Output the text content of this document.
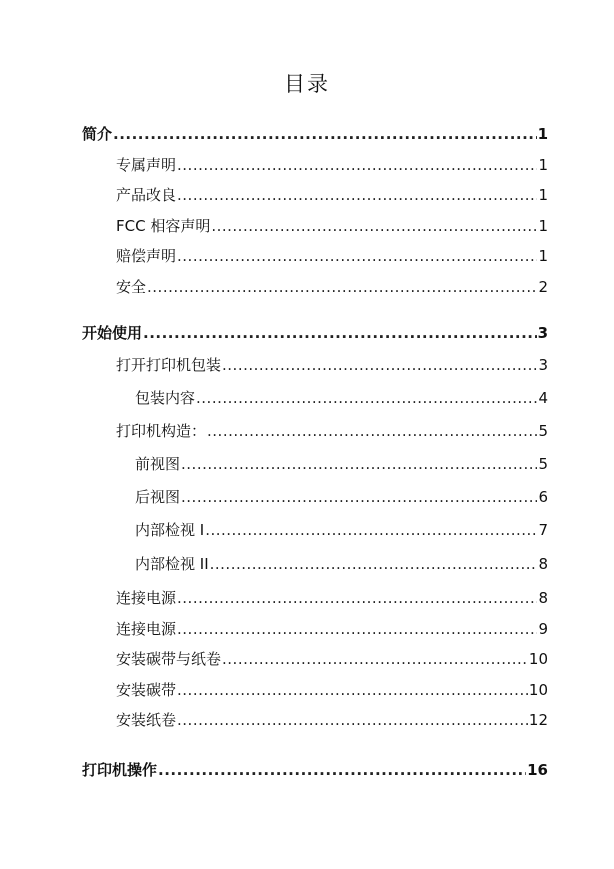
目录
简介 .....	1
专属声明 .....	1
产品改良 .....	1
FCC 相容声明 .....	1
赔偿声明 .....	1
安全 .....	2
开始使用 .....	3
打开打印机包装 .....	3
包装内容 .....	4
打印机构造： .....	5
前视图 .....	5
后视图 .....	6
内部检视 I .....	7
内部检视 II .....	8
连接电源 .....	8
连接电源 .....	9
安装碳带与纸卷 .....	10
安装碳带 .....	10
安装纸卷 .....	12
打印机操作 .....	16
